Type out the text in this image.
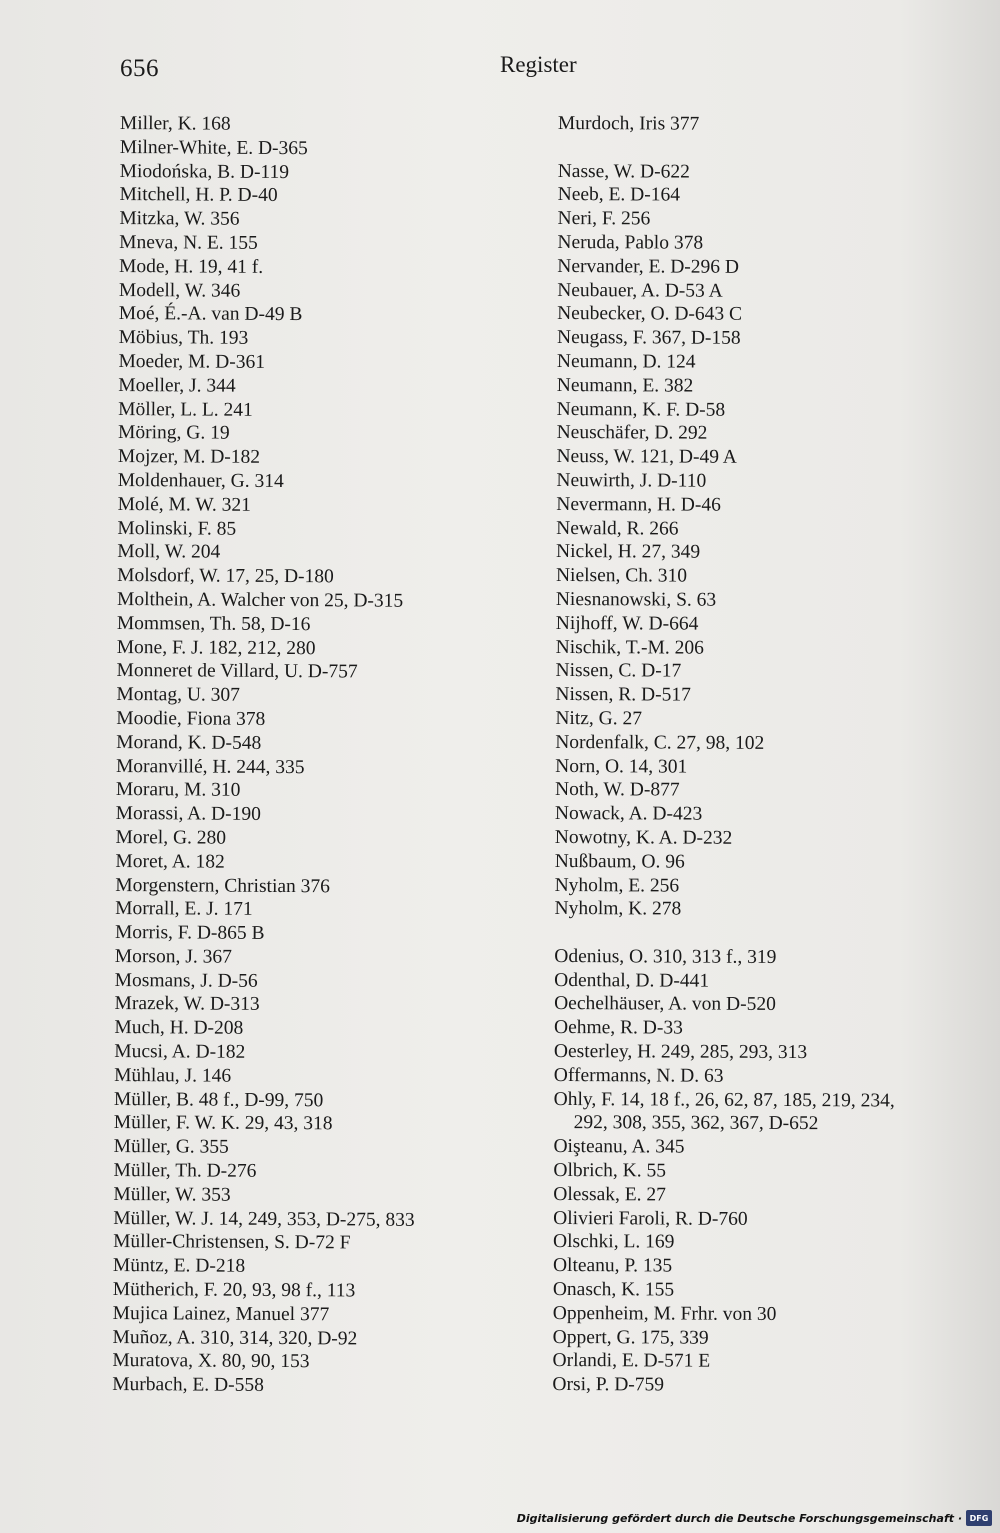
656	Register
Miller, K. 168
Milner-White, E. D-365
Miodońska, B. D-119
Mitchell, H. P. D-40
Mitzka, W. 356
Mneva, N. E. 155
Mode, H. 19, 41 f.
Modell, W. 346
Moé, É.-A. van D-49 B
Möbius, Th. 193
Moeder, M. D-361
Moeller, J. 344
Möller, L. L. 241
Möring, G. 19
Mojzer, M. D-182
Moldenhauer, G. 314
Molé, M. W. 321
Molinski, F. 85
Moll, W. 204
Molsdorf, W. 17, 25, D-180
Molthein, A. Walcher von 25, D-315
Mommsen, Th. 58, D-16
Mone, F. J. 182, 212, 280
Monneret de Villard, U. D-757
Montag, U. 307
Moodie, Fiona 378
Morand, K. D-548
Moranvillé, H. 244, 335
Moraru, M. 310
Morassi, A. D-190
Morel, G. 280
Moret, A. 182
Morgenstern, Christian 376
Morrall, E. J. 171
Morris, F. D-865 B
Morson, J. 367
Mosmans, J. D-56
Mrazek, W. D-313
Much, H. D-208
Mucsi, A. D-182
Mühlau, J. 146
Müller, B. 48 f., D-99, 750
Müller, F. W. K. 29, 43, 318
Müller, G. 355
Müller, Th. D-276
Müller, W. 353
Müller, W. J. 14, 249, 353, D-275, 833
Müller-Christensen, S. D-72 F
Müntz, E. D-218
Mütherich, F. 20, 93, 98 f., 113
Mujica Lainez, Manuel 377
Muñoz, A. 310, 314, 320, D-92
Muratova, X. 80, 90, 153
Murbach, E. D-558
Murdoch, Iris 377
Nasse, W. D-622
Neeb, E. D-164
Neri, F. 256
Neruda, Pablo 378
Nervander, E. D-296 D
Neubauer, A. D-53 A
Neubecker, O. D-643 C
Neugass, F. 367, D-158
Neumann, D. 124
Neumann, E. 382
Neumann, K. F. D-58
Neuschäfer, D. 292
Neuss, W. 121, D-49 A
Neuwirth, J. D-110
Nevermann, H. D-46
Newald, R. 266
Nickel, H. 27, 349
Nielsen, Ch. 310
Niesnanowski, S. 63
Nijhoff, W. D-664
Nischik, T.-M. 206
Nissen, C. D-17
Nissen, R. D-517
Nitz, G. 27
Nordenfalk, C. 27, 98, 102
Norn, O. 14, 301
Noth, W. D-877
Nowack, A. D-423
Nowotny, K. A. D-232
Nußbaum, O. 96
Nyholm, E. 256
Nyholm, K. 278
Odenius, O. 310, 313 f., 319
Odenthal, D. D-441
Oechelhäuser, A. von D-520
Oehme, R. D-33
Oesterley, H. 249, 285, 293, 313
Offermanns, N. D. 63
Ohly, F. 14, 18 f., 26, 62, 87, 185, 219, 234,
292, 308, 355, 362, 367, D-652
Oişteanu, A. 345
Olbrich, K. 55
Olessak, E. 27
Olivieri Faroli, R. D-760
Olschki, L. 169
Olteanu, P. 135
Onasch, K. 155
Oppenheim, M. Frhr. von 30
Oppert, G. 175, 339
Orlandi, E. D-571 E
Orsi, P. D-759
Digitalisierung gefördert durch die Deutsche Forschungsgemeinschaft · DFG
